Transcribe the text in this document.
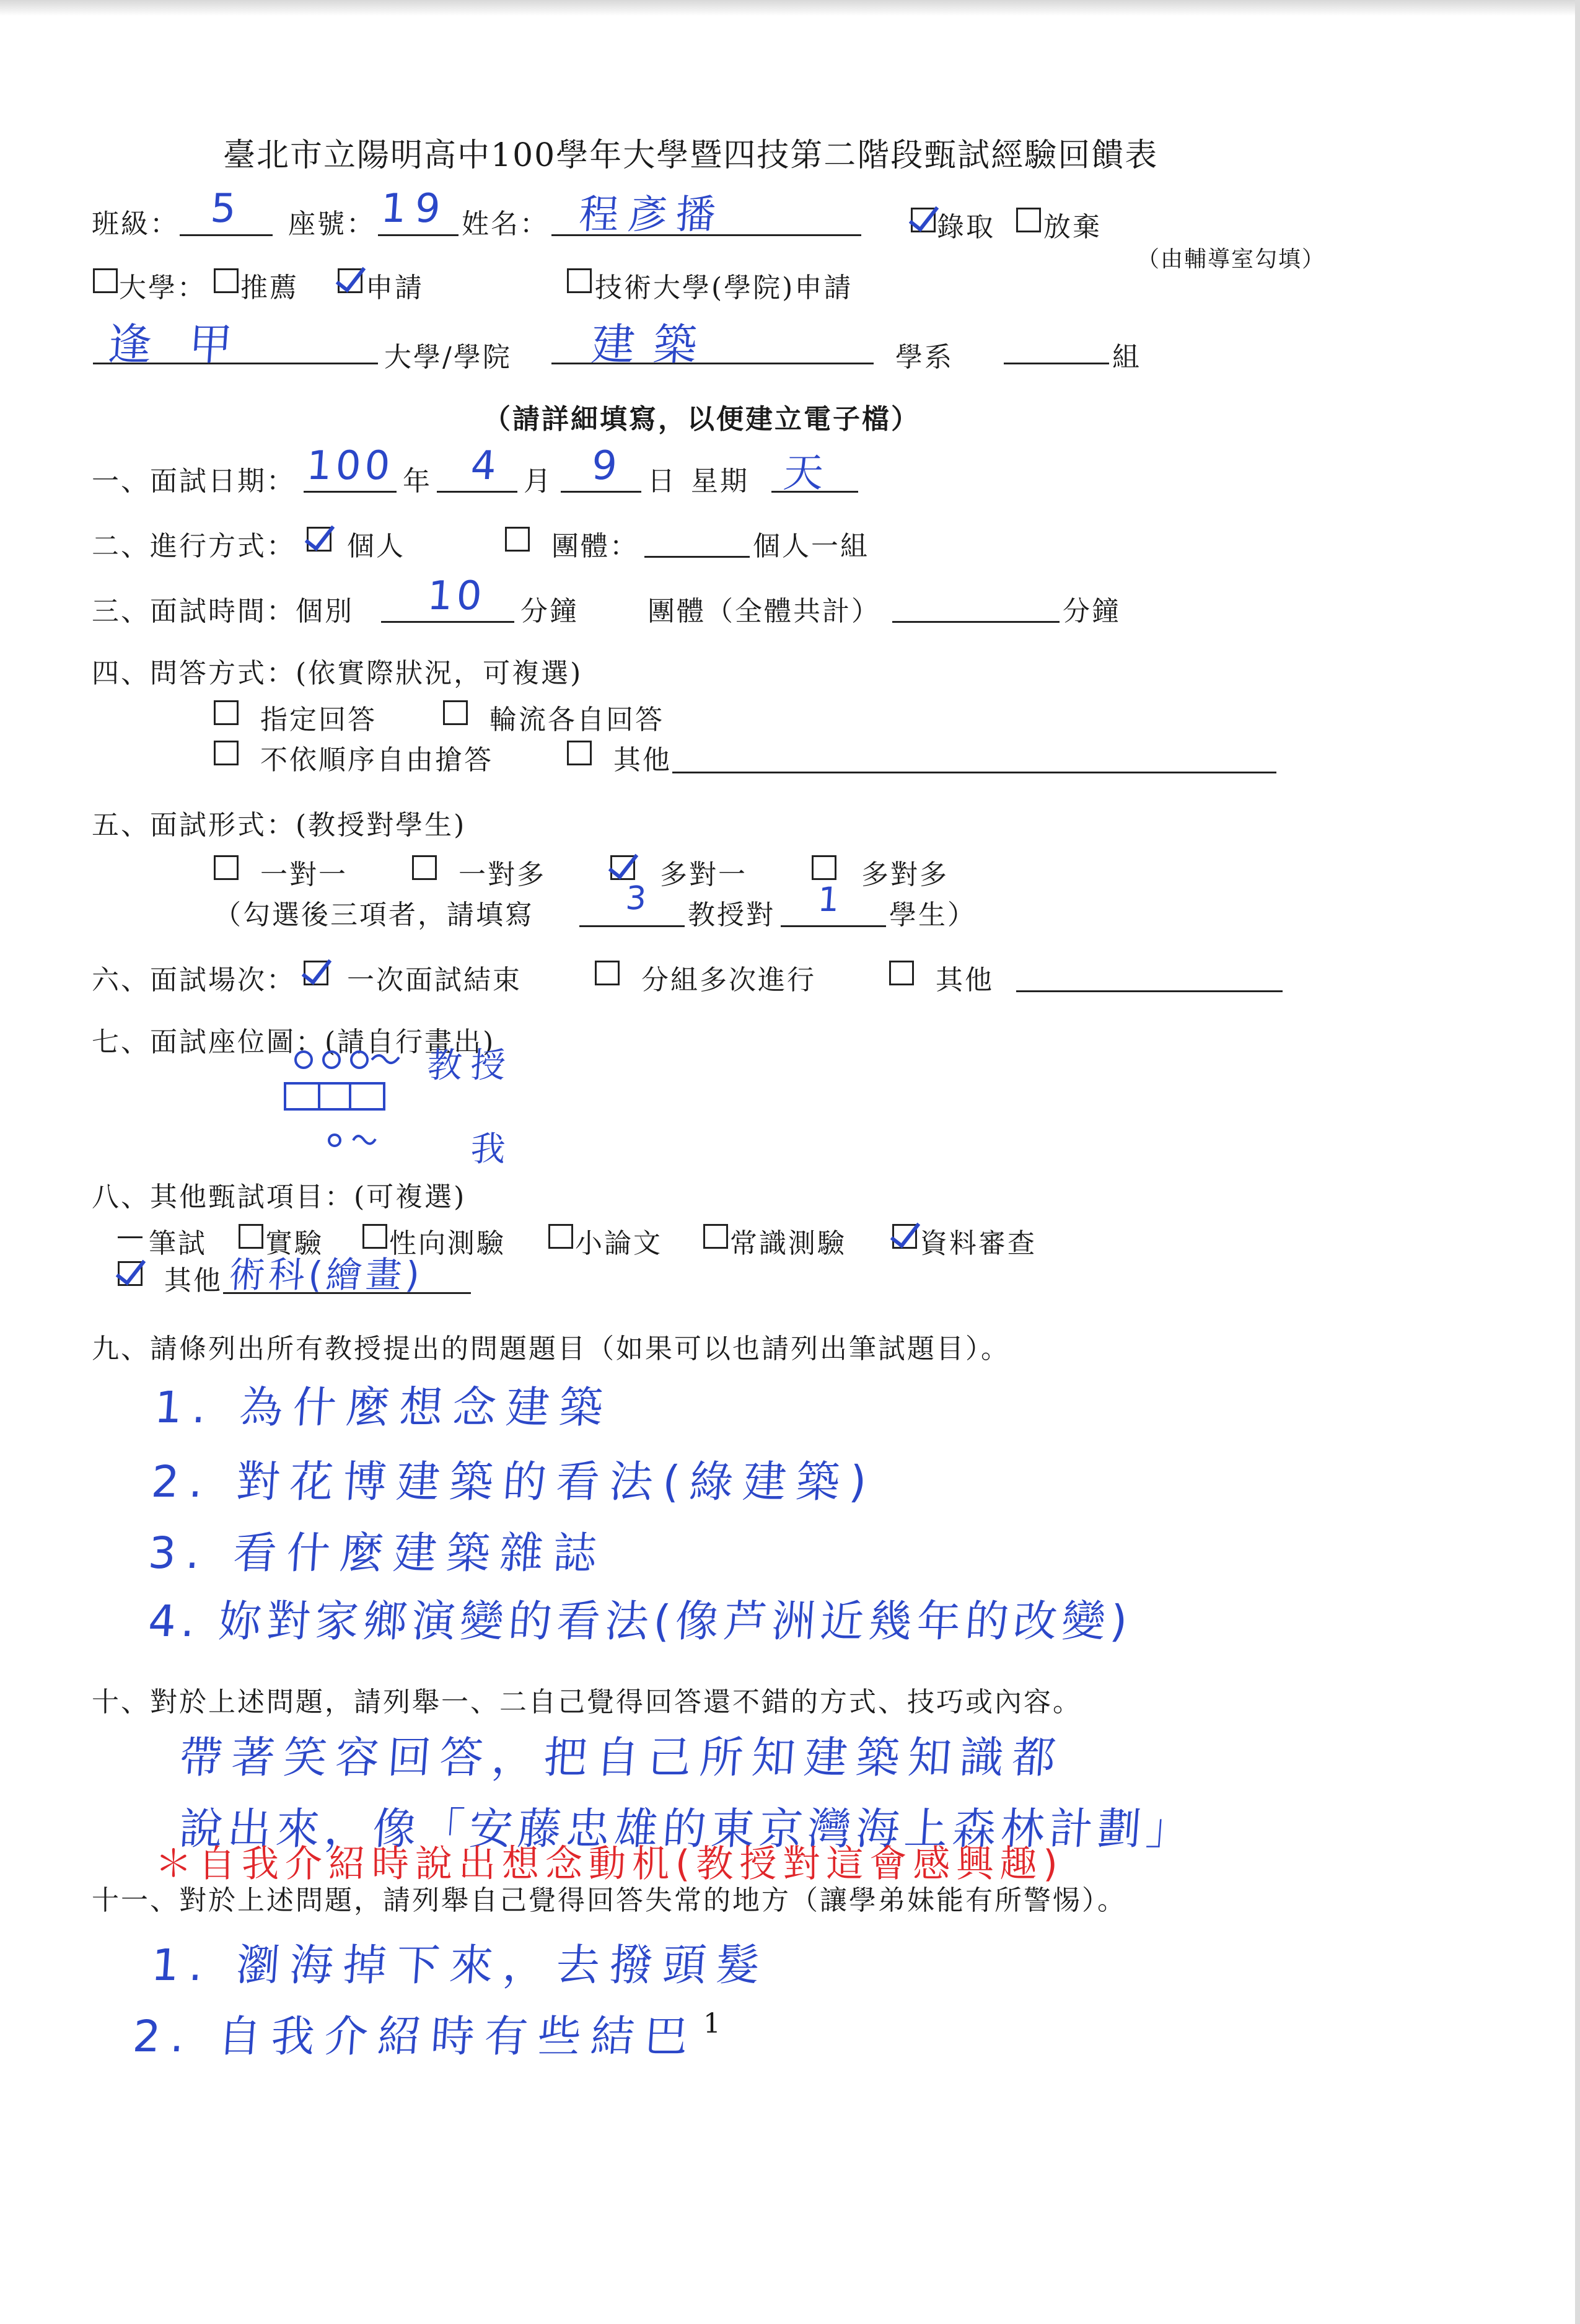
臺北市立陽明高中100學年大學暨四技第二階段甄試經驗回饋表
班級： 5 座號： 19 姓名： 程彥播	錄取 放棄
（由輔導室勾填）
大學： 推薦 申請	技術大學(學院)申請
逢甲	大學/學院 建築	學系	組
（請詳細填寫，以便建立電子檔）
一、面試日期： 100 年 4 月 9 日 星期 天
二、進行方式： 個人	團體：	個人一組
三、面試時間：個別 10 分鐘	團體（全體共計）	分鐘
四、問答方式：(依實際狀況，可複選)
指定回答	輪流各自回答
不依順序自由搶答	其他
五、面試形式：(教授對學生)
一對一	一對多	多對一	多對多
（勾選後三項者，請填寫	3 教授對 1 學生）
六、面試場次： 一次面試結束	分組多次進行	其他
七、面試座位圖：(請自行畫出)
教授
我
八、其他甄試項目：(可複選)
筆試 實驗 性向測驗	小論文 常識測驗	資料審查
其他 術科(繪畫)
九、請條列出所有教授提出的問題題目（如果可以也請列出筆試題目）。
1. 為什麼想念建築
2. 對花博建築的看法(綠建築)
3. 看什麼建築雜誌
4. 妳對家鄉演變的看法(像芦洲近幾年的改變)
十、對於上述問題，請列舉一、二自己覺得回答還不錯的方式、技巧或內容。
帶著笑容回答，把自己所知建築知識都
說出來，像「安藤忠雄的東京灣海上森林計劃」
＊自我介紹時說出想念動机(教授對這會感興趣)
十一、對於上述問題，請列舉自己覺得回答失常的地方（讓學弟妹能有所警惕）。
1. 瀏海掉下來，去撥頭髮
2. 自我介紹時有些結巴 1
